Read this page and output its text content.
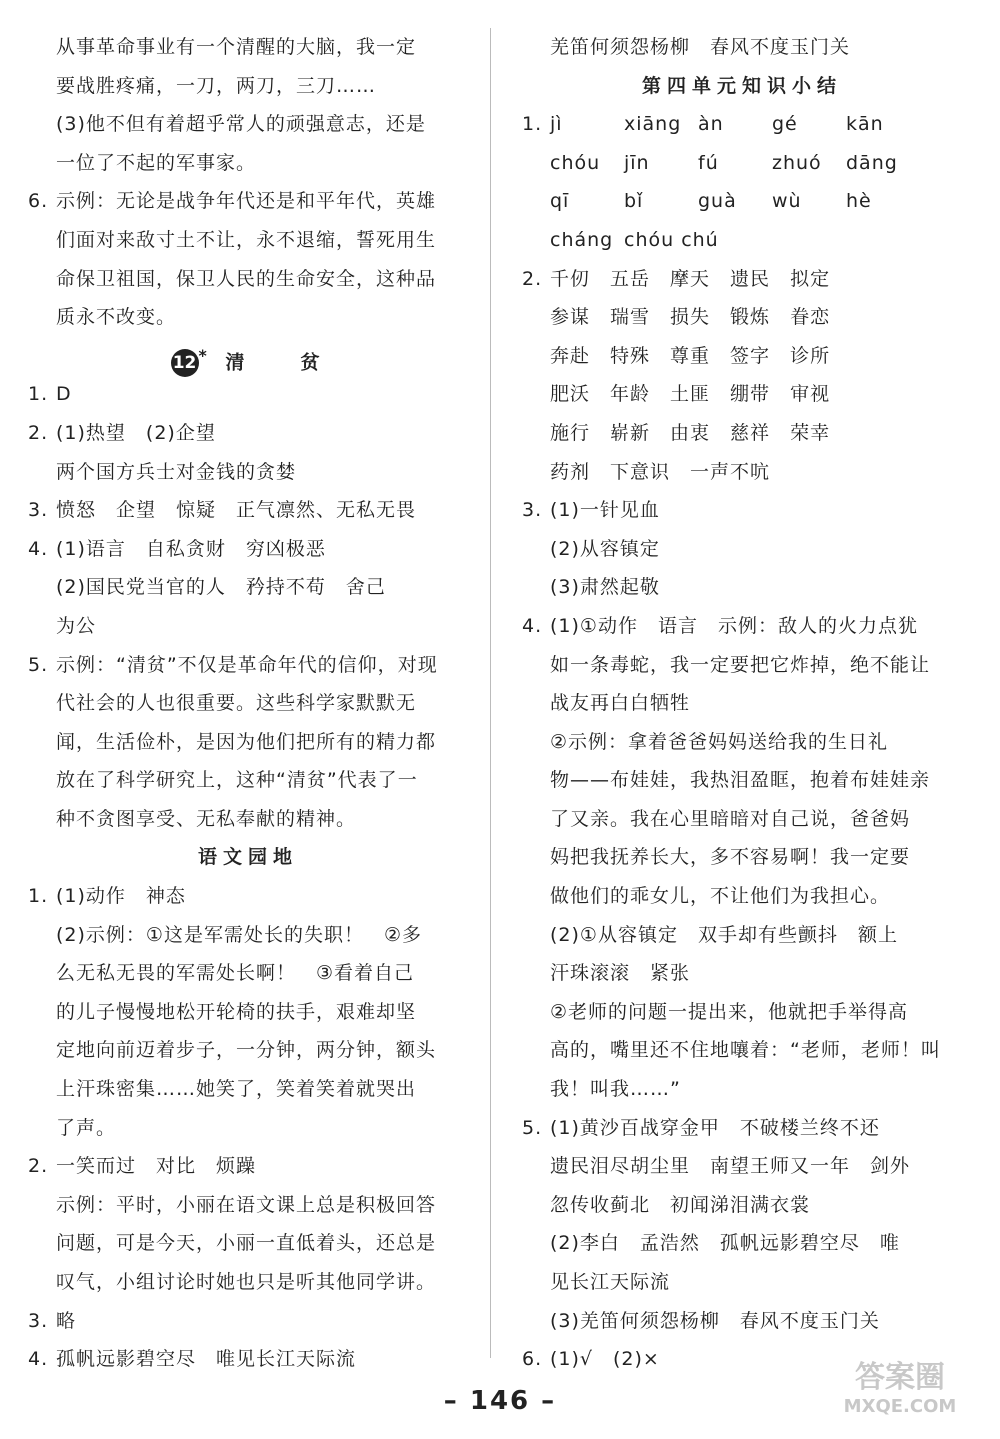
从事革命事业有一个清醒的大脑，我一定
要战胜疼痛，一刀，两刀，三刀……
(3)他不但有着超乎常人的顽强意志，还是
一位了不起的军事家。
6. 示例：无论是战争年代还是和平年代，英雄
们面对来敌寸土不让，永不退缩，誓死用生
命保卫祖国，保卫人民的生命安全，这种品
质永不改变。
12 * 清　　贫
1. D
2. (1)热望　(2)企望
两个国方兵士对金钱的贪婪
3. 愤怒　企望　惊疑　正气凛然、无私无畏
4. (1)语言　自私贪财　穷凶极恶
(2)国民党当官的人　矜持不苟　舍己
为公
5. 示例：“清贫”不仅是革命年代的信仰，对现
代社会的人也很重要。这些科学家默默无
闻，生活俭朴，是因为他们把所有的精力都
放在了科学研究上，这种“清贫”代表了一
种不贪图享受、无私奉献的精神。
语文园地
1. (1)动作　神态
(2)示例：①这是军需处长的失职！　②多
么无私无畏的军需处长啊！　③看着自己
的儿子慢慢地松开轮椅的扶手，艰难却坚
定地向前迈着步子，一分钟，两分钟，额头
上汗珠密集……她笑了，笑着笑着就哭出
了声。
2. 一笑而过　对比　烦躁
示例：平时，小丽在语文课上总是积极回答
问题，可是今天，小丽一直低着头，还总是
叹气，小组讨论时她也只是听其他同学讲。
3. 略
4. 孤帆远影碧空尽　唯见长江天际流
羌笛何须怨杨柳　春风不度玉门关
第四单元知识小结
1. jì	xiāng àn	gé	kān
chóu jīn	fú	zhuó dāng
qī	bǐ	guà wù hè
cháng chóu chú
2. 千仞 五岳 摩天 遗民 拟定
参谋 瑞雪 损失 锻炼 眷恋
奔赴 特殊 尊重 签字 诊所
肥沃 年龄 土匪 绷带 审视
施行 崭新 由衷 慈祥 荣幸
药剂 下意识 一声不吭
3. (1)一针见血
(2)从容镇定
(3)肃然起敬
4. (1)①动作　语言　示例：敌人的火力点犹
如一条毒蛇，我一定要把它炸掉，绝不能让
战友再白白牺牲
②示例：拿着爸爸妈妈送给我的生日礼
物——布娃娃，我热泪盈眶，抱着布娃娃亲
了又亲。我在心里暗暗对自己说，爸爸妈
妈把我抚养长大，多不容易啊！我一定要
做他们的乖女儿，不让他们为我担心。
(2)①从容镇定　双手却有些颤抖　额上
汗珠滚滚　紧张
②老师的问题一提出来，他就把手举得高
高的，嘴里还不住地嚷着：“老师，老师！叫
我！叫我……”
5. (1)黄沙百战穿金甲　不破楼兰终不还
遗民泪尽胡尘里　南望王师又一年　剑外
忽传收蓟北　初闻涕泪满衣裳
(2)李白　孟浩然　孤帆远影碧空尽　唯
见长江天际流
(3)羌笛何须怨杨柳　春风不度玉门关
6. (1)√　(2)×
– 146 –
答案圈
MXQE.COM
